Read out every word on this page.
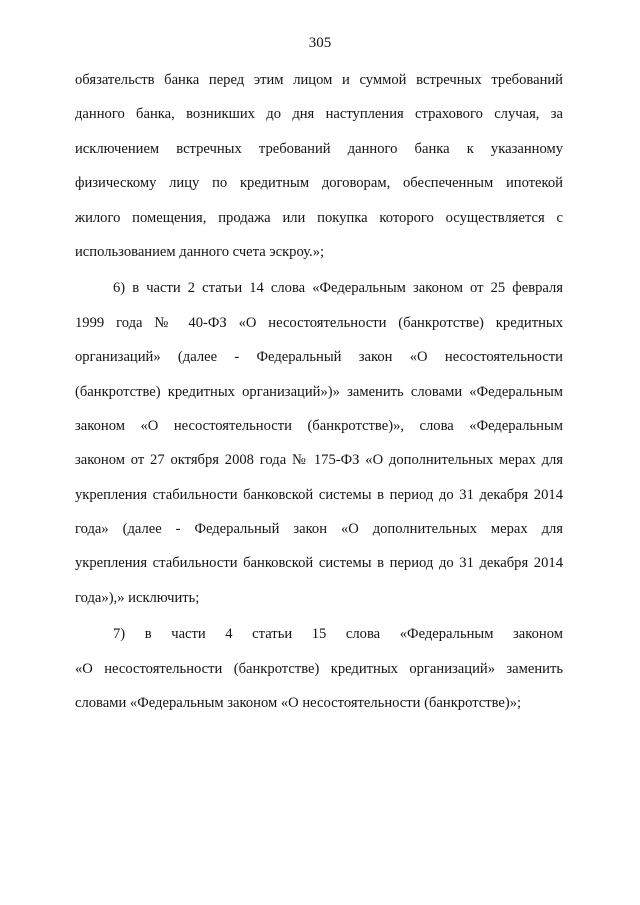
305
обязательств банка перед этим лицом и суммой встречных требований
данного банка, возникших до дня наступления страхового случая, за
исключением встречных требований данного банка к указанному
физическому лицу по кредитным договорам, обеспеченным ипотекой
жилого помещения, продажа или покупка которого осуществляется с
использованием данного счета эскроу.»;
6) в части 2 статьи 14 слова «Федеральным законом от 25 февраля
1999 года № 40-ФЗ «О несостоятельности (банкротстве) кредитных
организаций» (далее - Федеральный закон «О несостоятельности
(банкротстве) кредитных организаций»)» заменить словами «Федеральным
законом «О несостоятельности (банкротстве)», слова «Федеральным
законом от 27 октября 2008 года № 175-ФЗ «О дополнительных мерах для
укрепления стабильности банковской системы в период до 31 декабря 2014
года» (далее - Федеральный закон «О дополнительных мерах для
укрепления стабильности банковской системы в период до 31 декабря 2014
года»),» исключить;
7) в части 4 статьи 15 слова «Федеральным законом
«О несостоятельности (банкротстве) кредитных организаций» заменить
словами «Федеральным законом «О несостоятельности (банкротстве)»;
